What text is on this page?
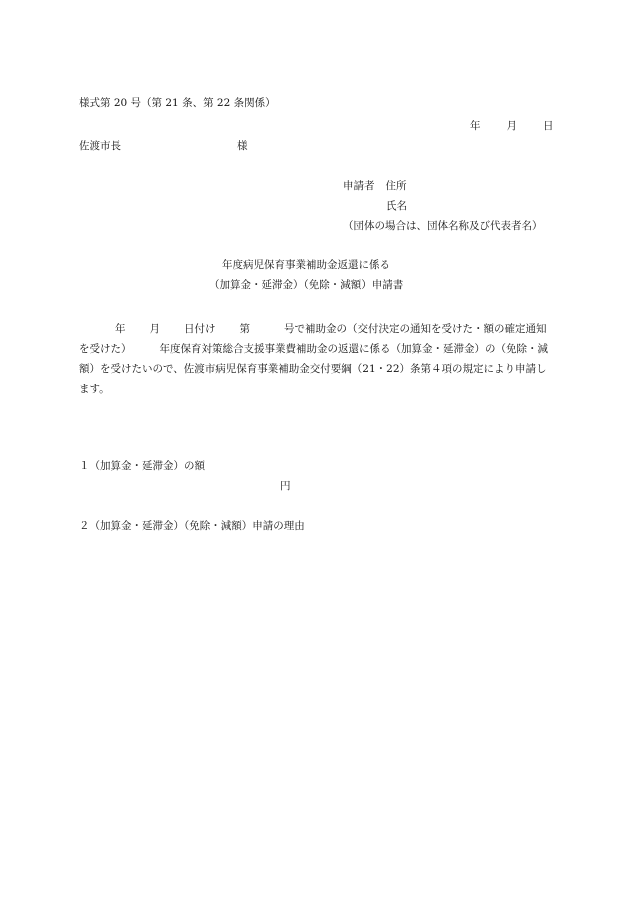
様式第 20 号（第 21 条、第 22 条関係）
年 月 日
佐渡市長	様
申請者 住所
氏名
（団体の場合は、団体名称及び代表者名）
年度病児保育事業補助金返還に係る
（加算金・延滞金）（免除・減額）申請書
年 月 日付け 第	号で補助金の（交付決定の通知を受けた・額の確定通知を受けた）	年度保育対策総合支援事業費補助金の返還に係る（加算金・延滞金）の（免除・減額）を受けたいので、佐渡市病児保育事業補助金交付要綱（21・22）条第４項の規定により申請します。
１（加算金・延滞金）の額
円
２（加算金・延滞金）（免除・減額）申請の理由
